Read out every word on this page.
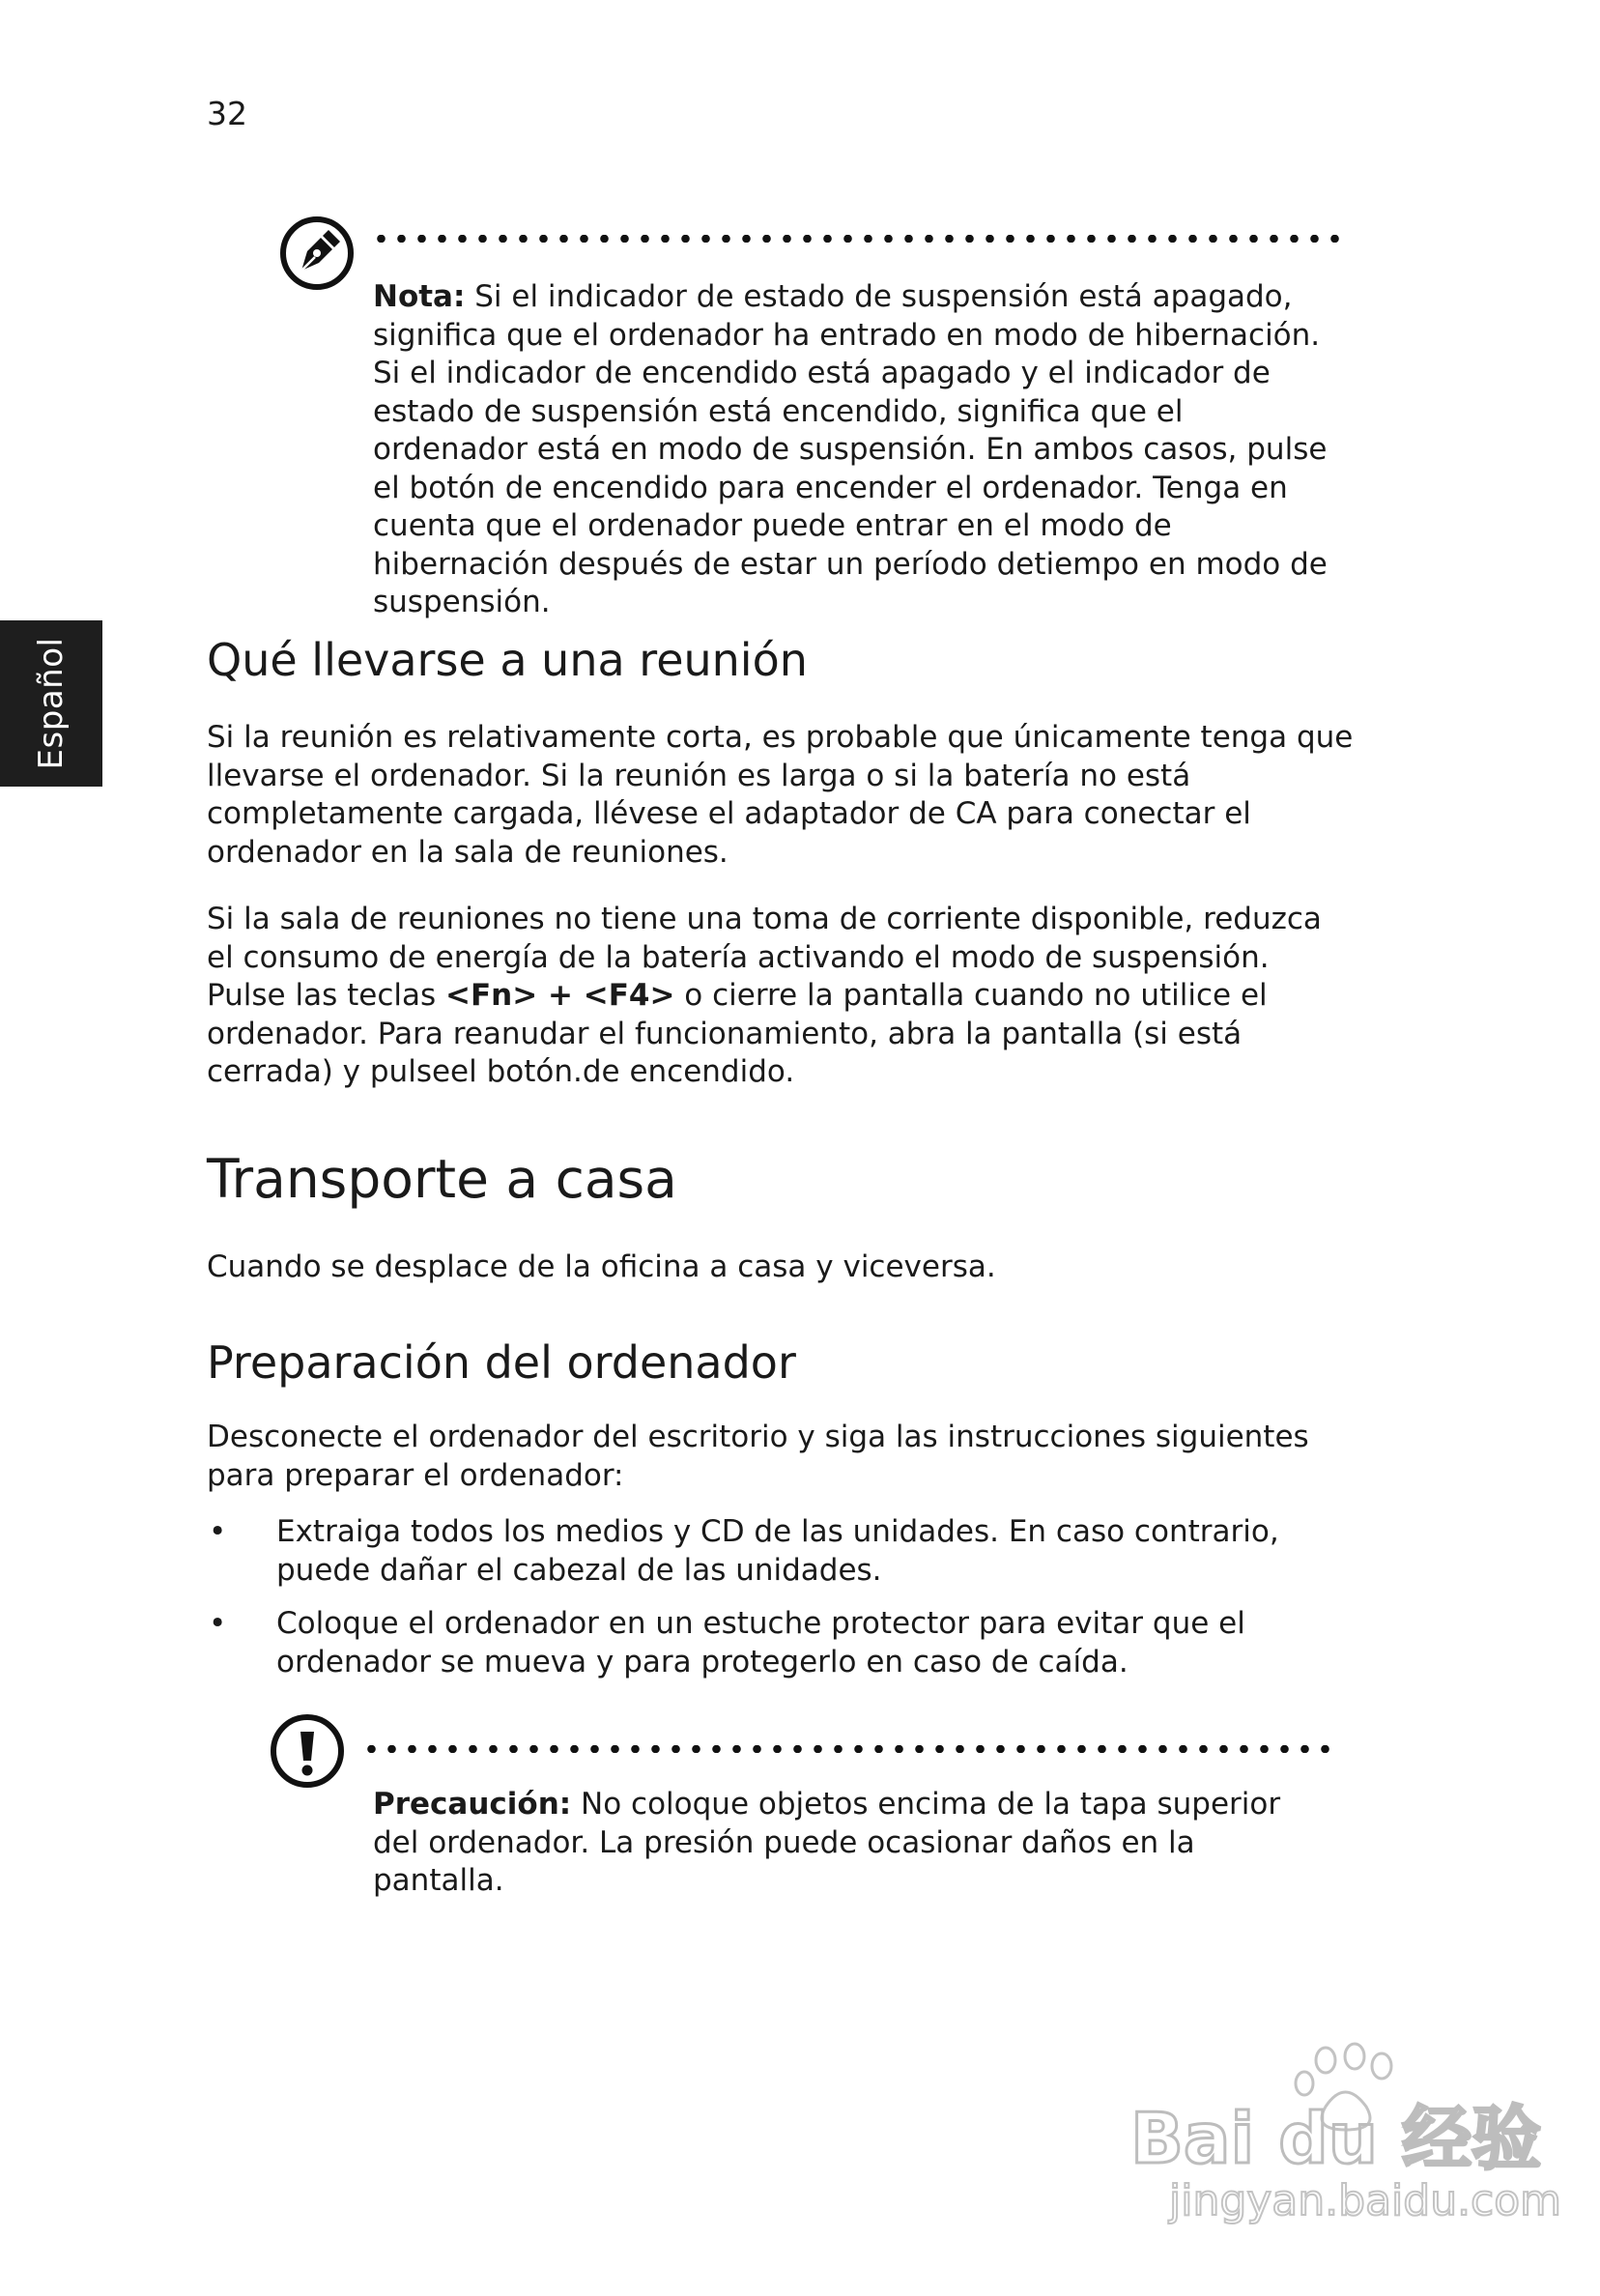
32
Español

Nota: Si el indicador de estado de suspensión está apagado, significa que el ordenador ha entrado en modo de hibernación. Si el indicador de encendido está apagado y el indicador de estado de suspensión está encendido, significa que el ordenador está en modo de suspensión. En ambos casos, pulse el botón de encendido para encender el ordenador. Tenga en cuenta que el ordenador puede entrar en el modo de hibernación después de estar un período detiempo en modo de suspensión.

Qué llevarse a una reunión

Si la reunión es relativamente corta, es probable que únicamente tenga que llevarse el ordenador. Si la reunión es larga o si la batería no está completamente cargada, llévese el adaptador de CA para conectar el ordenador en la sala de reuniones.

Si la sala de reuniones no tiene una toma de corriente disponible, reduzca el consumo de energía de la batería activando el modo de suspensión. Pulse las teclas <Fn> + <F4> o cierre la pantalla cuando no utilice el ordenador. Para reanudar el funcionamiento, abra la pantalla (si está cerrada) y pulseel botón.de encendido.

Transporte a casa

Cuando se desplace de la oficina a casa y viceversa.

Preparación del ordenador

Desconecte el ordenador del escritorio y siga las instrucciones siguientes para preparar el ordenador:

• Extraiga todos los medios y CD de las unidades. En caso contrario, puede dañar el cabezal de las unidades.
• Coloque el ordenador en un estuche protector para evitar que el ordenador se mueva y para protegerlo en caso de caída.

Precaución: No coloque objetos encima de la tapa superior del ordenador. La presión puede ocasionar daños en la pantalla.

Bai du 经验
jingyan.baidu.com
